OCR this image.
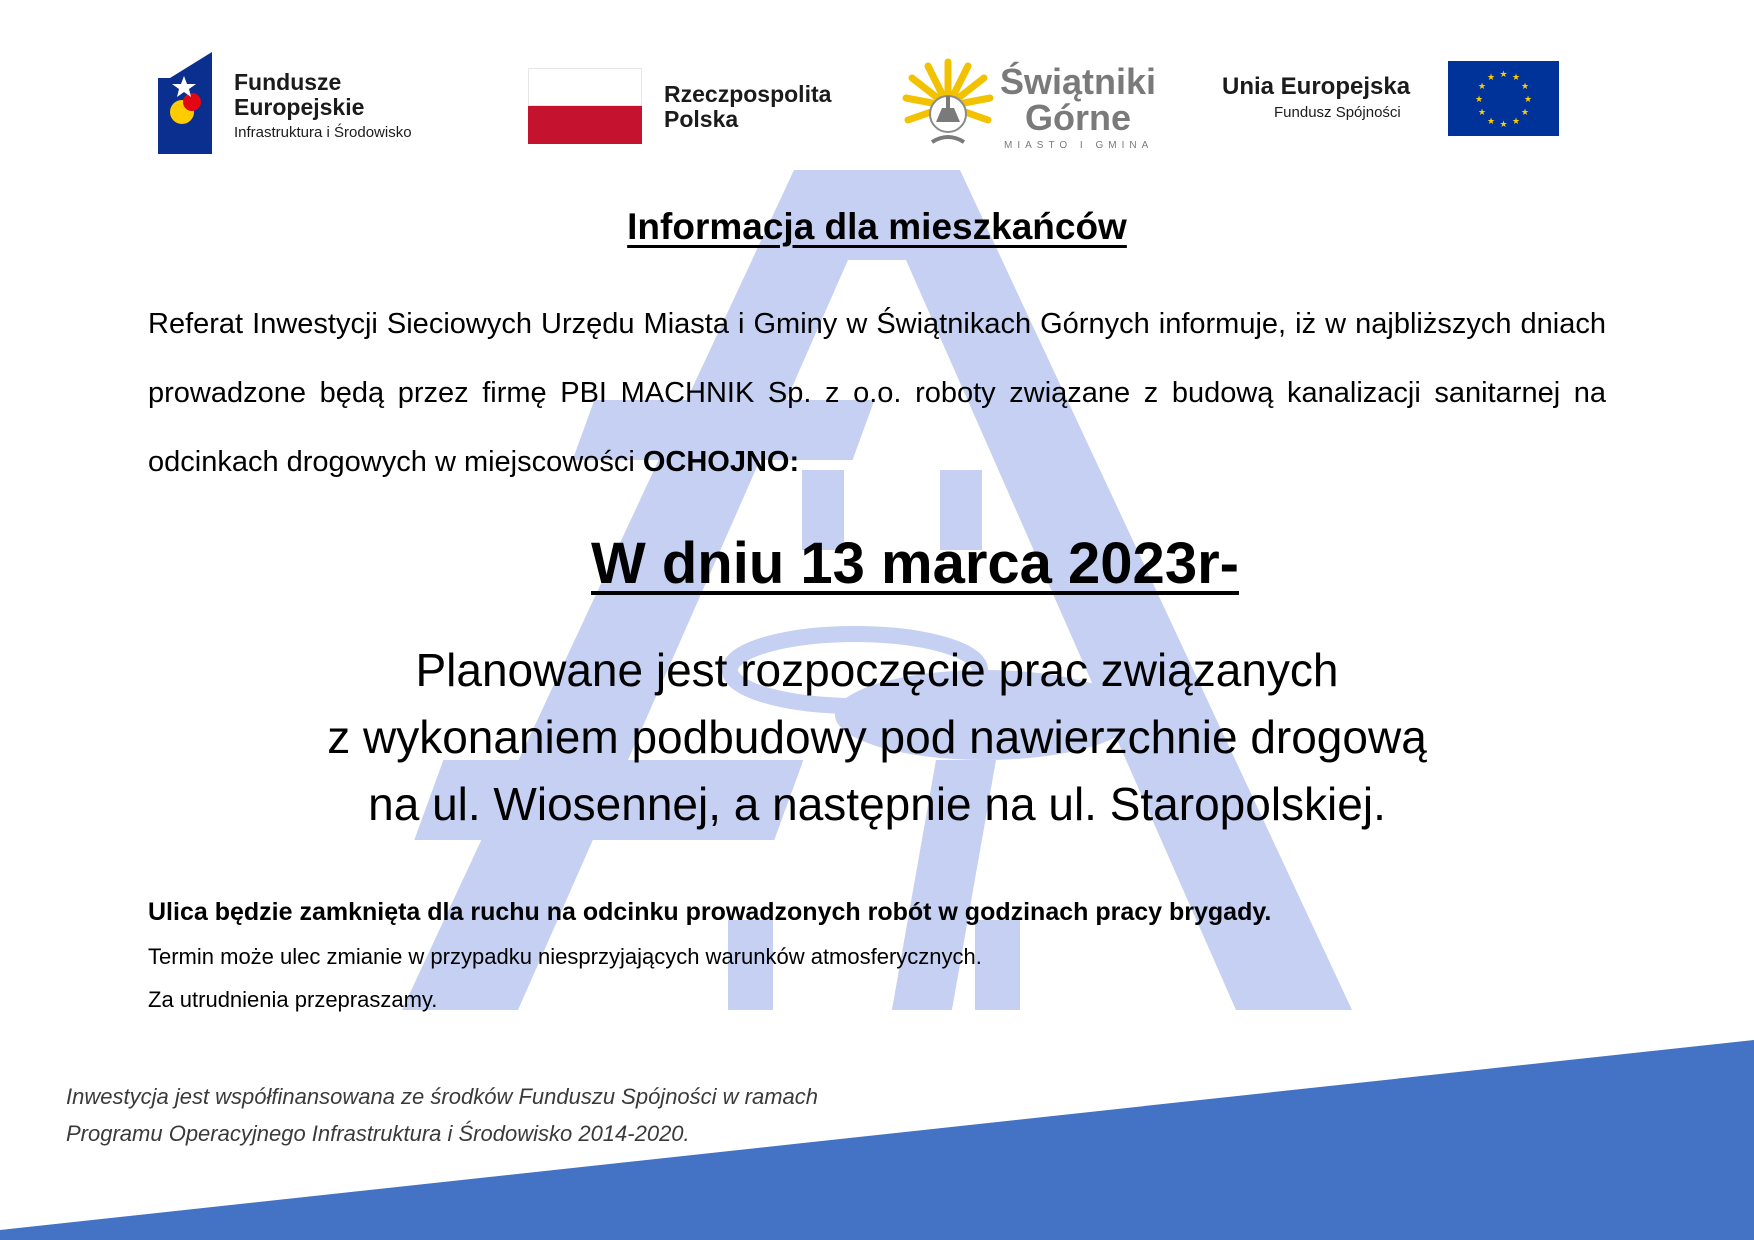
Fundusze
Europejskie
Infrastruktura i Środowisko
Rzeczpospolita
Polska
Świątniki
Górne
MIASTO I GMINA
Unia Europejska
Fundusz Spójności
★ ★
★
★
★
★
★
★
★
★
★
★
Informacja dla mieszkańców
Referat Inwestycji Sieciowych Urzędu Miasta i Gminy w Świątnikach Górnych informuje, iż w najbliższych dniach prowadzone będą przez firmę PBI MACHNIK Sp. z o.o. roboty związane z budową kanalizacji sanitarnej na odcinkach drogowych w miejscowości OCHOJNO:
W dniu 13 marca 2023r-
Planowane jest rozpoczęcie prac związanych
z wykonaniem podbudowy pod nawierzchnie drogową
na ul. Wiosennej, a następnie na ul. Staropolskiej.
Ulica będzie zamknięta dla ruchu na odcinku prowadzonych robót w godzinach pracy brygady.
Termin może ulec zmianie w przypadku niesprzyjających warunków atmosferycznych.
Za utrudnienia przepraszamy.
Inwestycja jest współfinansowana ze środków Funduszu Spójności w ramach
Programu Operacyjnego Infrastruktura i Środowisko 2014-2020.
